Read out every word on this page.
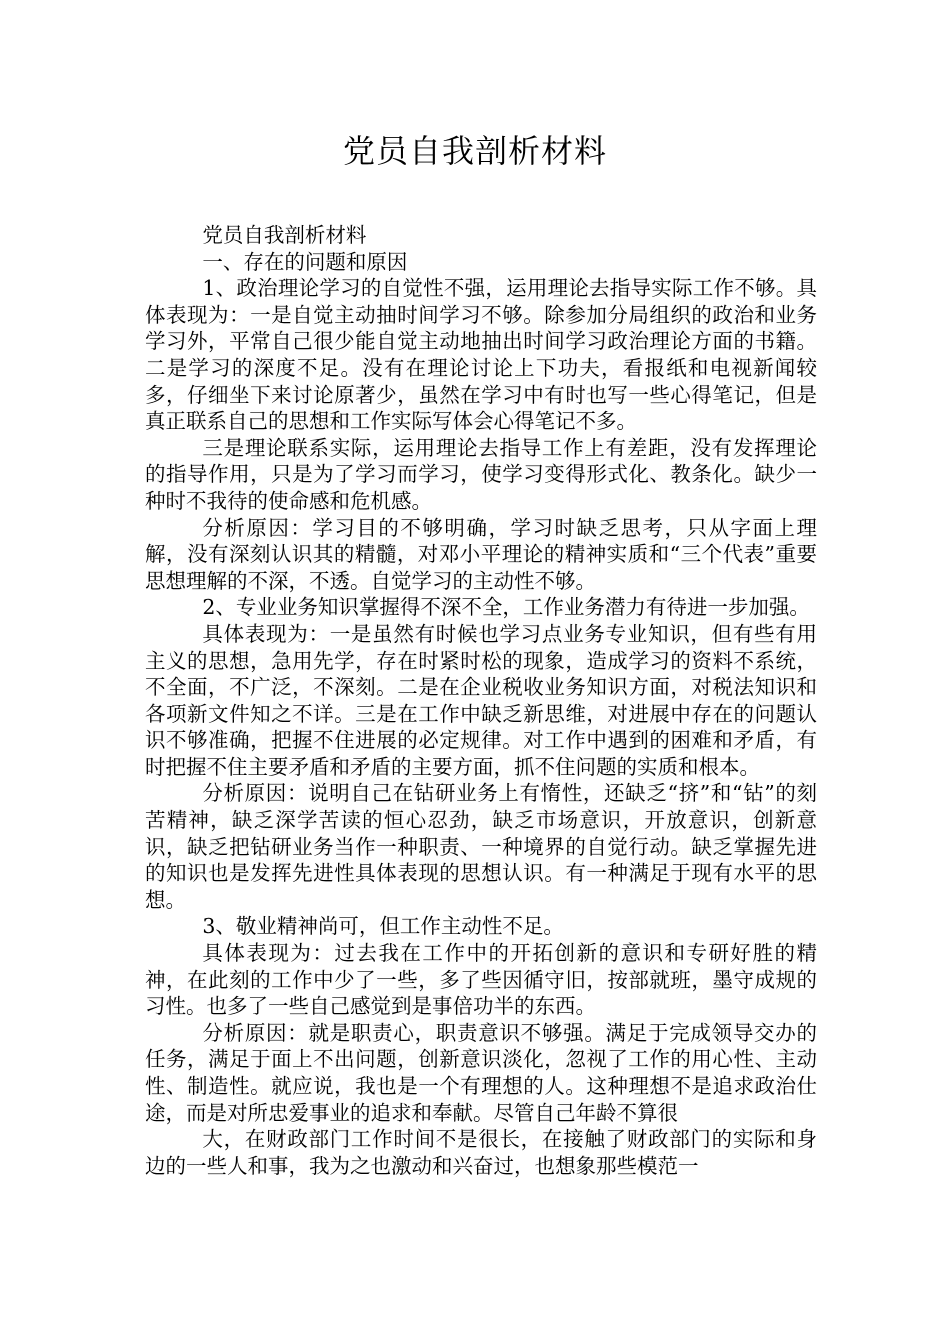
党员自我剖析材料

党员自我剖析材料

一、存在的问题和原因

1、政治理论学习的自觉性不强，运用理论去指导实际工作不够。具体表现为：一是自觉主动抽时间学习不够。除参加分局组织的政治和业务学习外，平常自己很少能自觉主动地抽出时间学习政治理论方面的书籍。二是学习的深度不足。没有在理论讨论上下功夫，看报纸和电视新闻较多，仔细坐下来讨论原著少，虽然在学习中有时也写一些心得笔记，但是真正联系自己的思想和工作实际写体会心得笔记不多。

三是理论联系实际，运用理论去指导工作上有差距，没有发挥理论的指导作用，只是为了学习而学习，使学习变得形式化、教条化。缺少一种时不我待的使命感和危机感。

分析原因：学习目的不够明确，学习时缺乏思考，只从字面上理解，没有深刻认识其的精髓，对邓小平理论的精神实质和“三个代表”重要思想理解的不深，不透。自觉学习的主动性不够。

2、专业业务知识掌握得不深不全，工作业务潜力有待进一步加强。

具体表现为：一是虽然有时候也学习点业务专业知识，但有些有用主义的思想，急用先学，存在时紧时松的现象，造成学习的资料不系统，不全面，不广泛，不深刻。二是在企业税收业务知识方面，对税法知识和各项新文件知之不详。三是在工作中缺乏新思维，对进展中存在的问题认识不够准确，把握不住进展的必定规律。对工作中遇到的困难和矛盾，有时把握不住主要矛盾和矛盾的主要方面，抓不住问题的实质和根本。

分析原因：说明自己在钻研业务上有惰性，还缺乏“挤”和“钻”的刻苦精神，缺乏深学苦读的恒心忍劲，缺乏市场意识，开放意识，创新意识，缺乏把钻研业务当作一种职责、一种境界的自觉行动。缺乏掌握先进的知识也是发挥先进性具体表现的思想认识。有一种满足于现有水平的思想。

3、敬业精神尚可，但工作主动性不足。

具体表现为：过去我在工作中的开拓创新的意识和专研好胜的精神，在此刻的工作中少了一些，多了些因循守旧，按部就班，墨守成规的习性。也多了一些自己感觉到是事倍功半的东西。

分析原因：就是职责心，职责意识不够强。满足于完成领导交办的任务，满足于面上不出问题，创新意识淡化，忽视了工作的用心性、主动性、制造性。就应说，我也是一个有理想的人。这种理想不是追求政治仕途，而是对所忠爱事业的追求和奉献。尽管自己年龄不算很

大，在财政部门工作时间不是很长，在接触了财政部门的实际和身边的一些人和事，我为之也激动和兴奋过，也想象那些模范一
